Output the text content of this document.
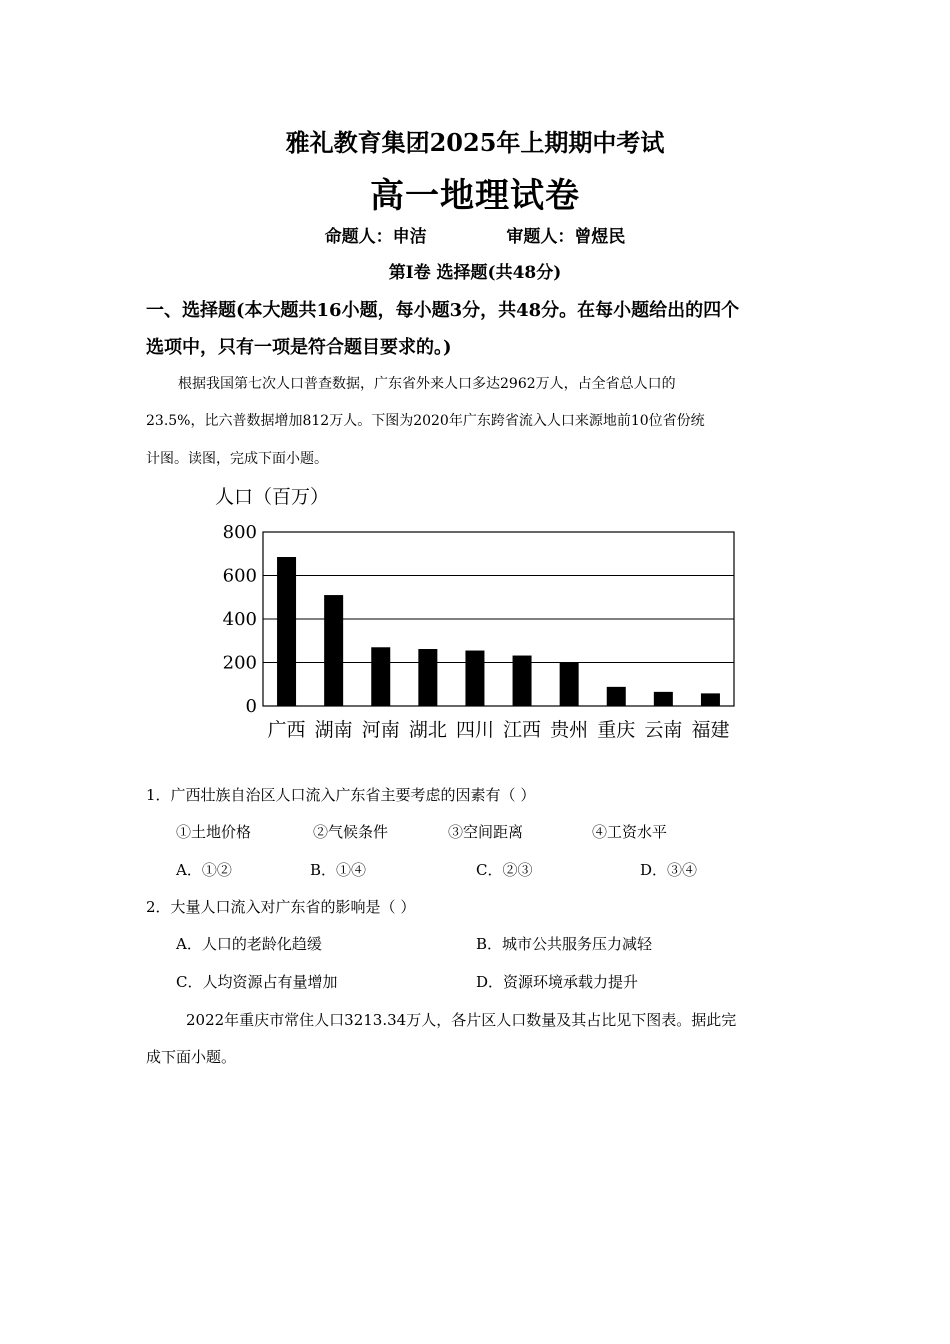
雅礼教育集团2025年上期期中考试
高一地理试卷
命题人：申洁	审题人：曾煜民
第Ⅰ卷 选择题(共48分)
一、选择题(本大题共16小题，每小题3分，共48分。在每小题给出的四个
选项中，只有一项是符合题目要求的。)
根据我国第七次人口普查数据，广东省外来人口多达2962万人，占全省总人口的
23.5%，比六普数据增加812万人。下图为2020年广东跨省流入人口来源地前10位省份统
计图。读图，完成下面小题。
人口（百万）
0
200
400
600
800
广西 湖南 河南 湖北 四川 江西 贵州 重庆 云南 福建
1．广西壮族自治区人口流入广东省主要考虑的因素有（ ）
①土地价格	②气候条件	③空间距离	④工资水平
A．①②	B．①④	C．②③	D．③④
2．大量人口流入对广东省的影响是（ ）
A．人口的老龄化趋缓	B．城市公共服务压力减轻
C．人均资源占有量增加	D．资源环境承载力提升
2022年重庆市常住人口3213.34万人，各片区人口数量及其占比见下图表。据此完
成下面小题。
